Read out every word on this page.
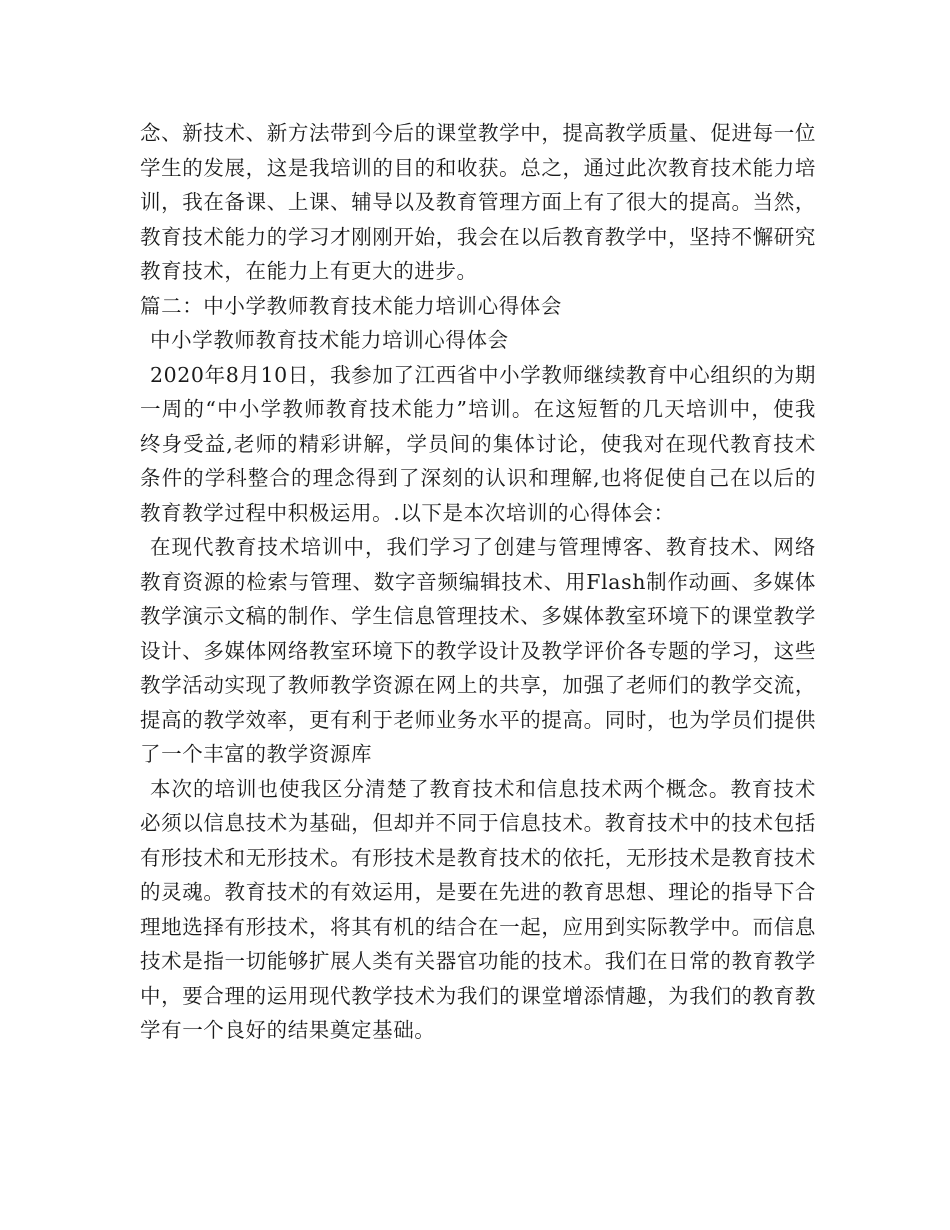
念、新技术、新方法带到今后的课堂教学中，提高教学质量、促进每一位学生的发展，这是我培训的目的和收获。总之，通过此次教育技术能力培训，我在备课、上课、辅导以及教育管理方面上有了很大的提高。当然，教育技术能力的学习才刚刚开始，我会在以后教育教学中，坚持不懈研究教育技术，在能力上有更大的进步。

篇二：中小学教师教育技术能力培训心得体会

中小学教师教育技术能力培训心得体会

2020年8月10日，我参加了江西省中小学教师继续教育中心组织的为期一周的“中小学教师教育技术能力”培训。在这短暂的几天培训中，使我终身受益,老师的精彩讲解，学员间的集体讨论，使我对在现代教育技术条件的学科整合的理念得到了深刻的认识和理解,也将促使自己在以后的教育教学过程中积极运用。.以下是本次培训的心得体会：

在现代教育技术培训中，我们学习了创建与管理博客、教育技术、网络教育资源的检索与管理、数字音频编辑技术、用Flash制作动画、多媒体教学演示文稿的制作、学生信息管理技术、多媒体教室环境下的课堂教学设计、多媒体网络教室环境下的教学设计及教学评价各专题的学习，这些教学活动实现了教师教学资源在网上的共享，加强了老师们的教学交流，提高的教学效率，更有利于老师业务水平的提高。同时，也为学员们提供了一个丰富的教学资源库

本次的培训也使我区分清楚了教育技术和信息技术两个概念。教育技术必须以信息技术为基础，但却并不同于信息技术。教育技术中的技术包括有形技术和无形技术。有形技术是教育技术的依托，无形技术是教育技术的灵魂。教育技术的有效运用，是要在先进的教育思想、理论的指导下合理地选择有形技术，将其有机的结合在一起，应用到实际教学中。而信息技术是指一切能够扩展人类有关器官功能的技术。我们在日常的教育教学中，要合理的运用现代教学技术为我们的课堂增添情趣，为我们的教育教学有一个良好的结果奠定基础。
